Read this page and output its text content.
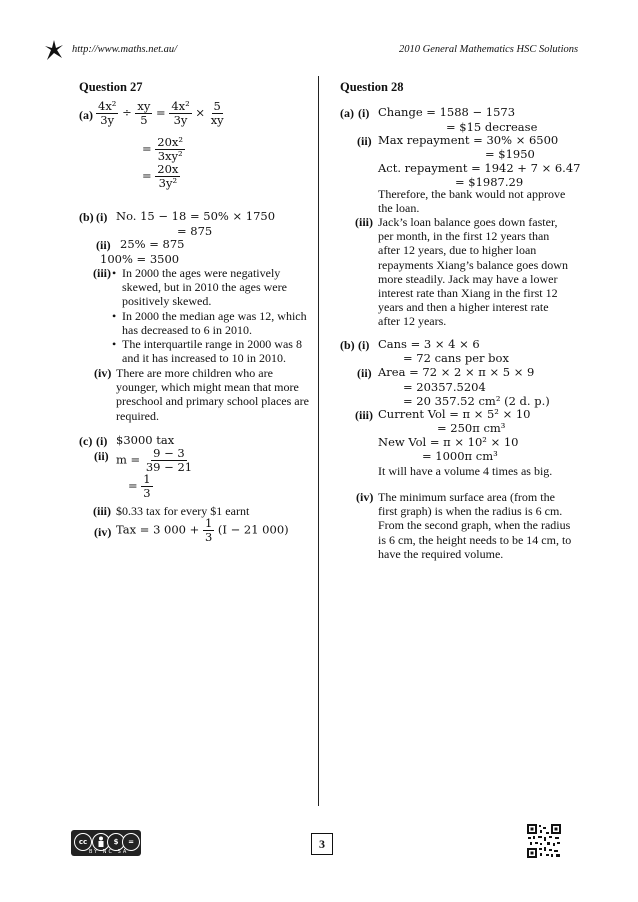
http://www.maths.net.au/	2010 General Mathematics HSC Solutions
Question 27
$(a) \frac{\text{4x²}}{3y} \div \frac{xy}{5} = \frac{\text{4x²}}{3y} \times \frac{5}{xy}$
= $\frac{\text{20x²}}{\text{3xy²}}$
= $\frac{20x}{\text{3y²}}$
(b) (i) No. 15 − 18 = 50% × 1750
= 875
(ii) 25% = 875
100% = 3500
(iii) • In 2000 the ages were negatively skewed, but in 2010 the ages were positively skewed.
• In 2000 the median age was 12, which has decreased to 6 in 2010.
• The interquartile range in 2000 was 8 and it has increased to 10 in 2010.
(iv) There are more children who are younger, which might mean that more preschool and primary school places are required.
(c) (i) $3000 tax
(ii) $m = \frac{9 - 3}{39 - 21}$
= $\frac{1}{3}$
(iii) $0.33 tax for every $1 earnt
(iv) Tax = 3 $000 + \frac{1}{3} (I - 21$ 000)
Question 28
(a) (i) Change = 1588 − 1573
= $15 decrease
(ii) Max repayment = 30% × 6500
= $1950
Act. repayment = 1942 + 7 × 6.47
= $1987.29
Therefore, the bank would not approve the loan.
(iii) Jack’s loan balance goes down faster, per month, in the first 12 years than after 12 years, due to higher loan repayments Xiang’s balance goes down more steadily. Jack may have a lower interest rate than Xiang in the first 12 years and then a higher interest rate after 12 years.
(b) (i) Cans = 3 × 4 × 6
= 72 cans per box
(ii) Area = 72 × 2 × π × 5 × 9
= 20357.5204
= 20 357.52 cm² (2 d. p.)
(iii) Current Vol = π × 5² × 10
= 250π cm³
New Vol = π × 10² × 10
= 1000π cm³
It will have a volume 4 times as big.
(iv) The minimum surface area (from the first graph) is when the radius is 6 cm. From the second graph, when the radius is 6 cm, the height needs to be 14 cm, to have the required volume.
cc	$	=
BY NC SA
3
